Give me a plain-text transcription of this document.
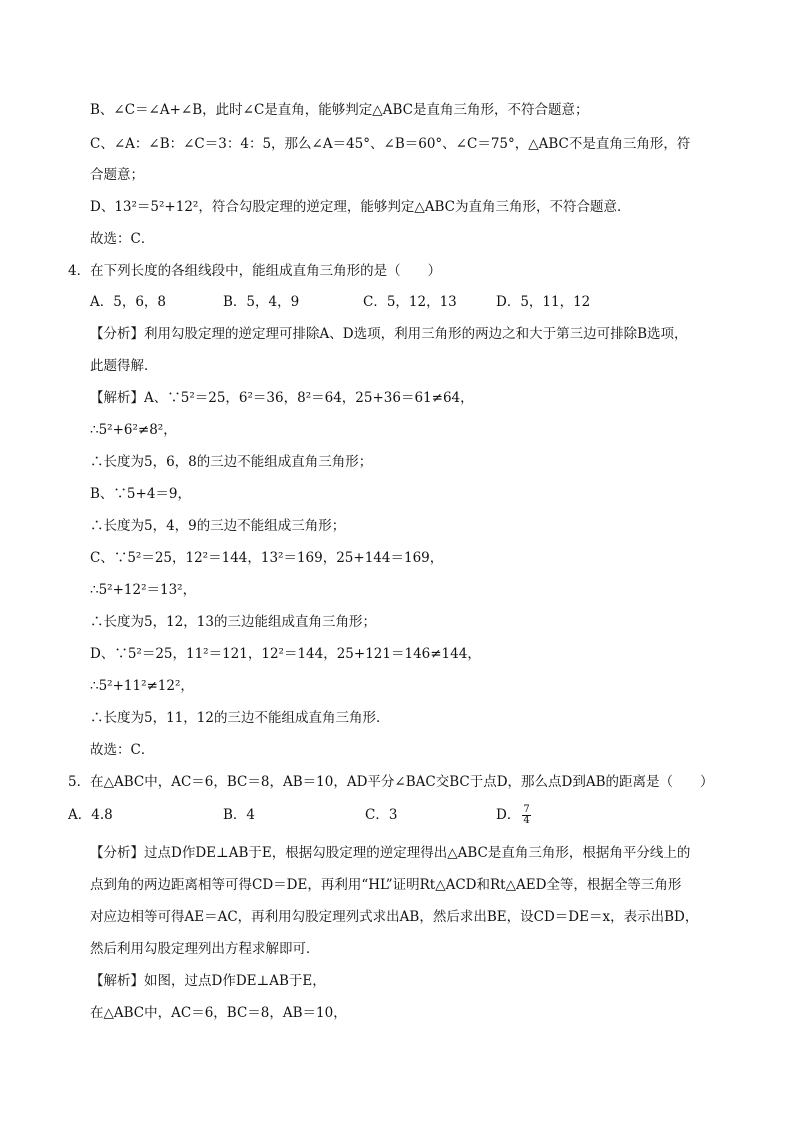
B、∠C＝∠A+∠B，此时∠C是直角，能够判定△ABC是直角三角形，不符合题意；
C、∠A：∠B：∠C＝3：4：5，那么∠A＝45°、∠B＝60°、∠C＝75°，△ABC不是直角三角形，符
合题意；
D、13²＝5²+12²，符合勾股定理的逆定理，能够判定△ABC为直角三角形，不符合题意．
故选：C．
4．在下列长度的各组线段中，能组成直角三角形的是（　　）
A．5，6，8	B．5，4，9	C．5，12，13	D．5，11，12
【分析】利用勾股定理的逆定理可排除A、D选项，利用三角形的两边之和大于第三边可排除B选项，
此题得解．
【解析】A、∵5²＝25，6²＝36，8²＝64，25+36＝61≠64，
∴5²+6²≠8²，
∴长度为5，6，8的三边不能组成直角三角形；
B、∵5+4＝9，
∴长度为5，4，9的三边不能组成三角形；
C、∵5²＝25，12²＝144，13²＝169，25+144＝169，
∴5²+12²＝13²，
∴长度为5，12，13的三边能组成直角三角形；
D、∵5²＝25，11²＝121，12²＝144，25+121＝146≠144，
∴5²+11²≠12²，
∴长度为5，11，12的三边不能组成直角三角形．
故选：C．
5．在△ABC中，AC＝6，BC＝8，AB＝10，AD平分∠BAC交BC于点D，那么点D到AB的距离是（　　）
A．4.8	B．4	C．3	D． $\frac{7}{4}$
【分析】过点D作DE⊥AB于E，根据勾股定理的逆定理得出△ABC是直角三角形，根据角平分线上的
点到角的两边距离相等可得CD＝DE，再利用“HL”证明Rt△ACD和Rt△AED全等，根据全等三角形
对应边相等可得AE＝AC，再利用勾股定理列式求出AB，然后求出BE，设CD＝DE＝x，表示出BD，
然后利用勾股定理列出方程求解即可．
【解析】如图，过点D作DE⊥AB于E，
在△ABC中，AC＝6，BC＝8，AB＝10，
